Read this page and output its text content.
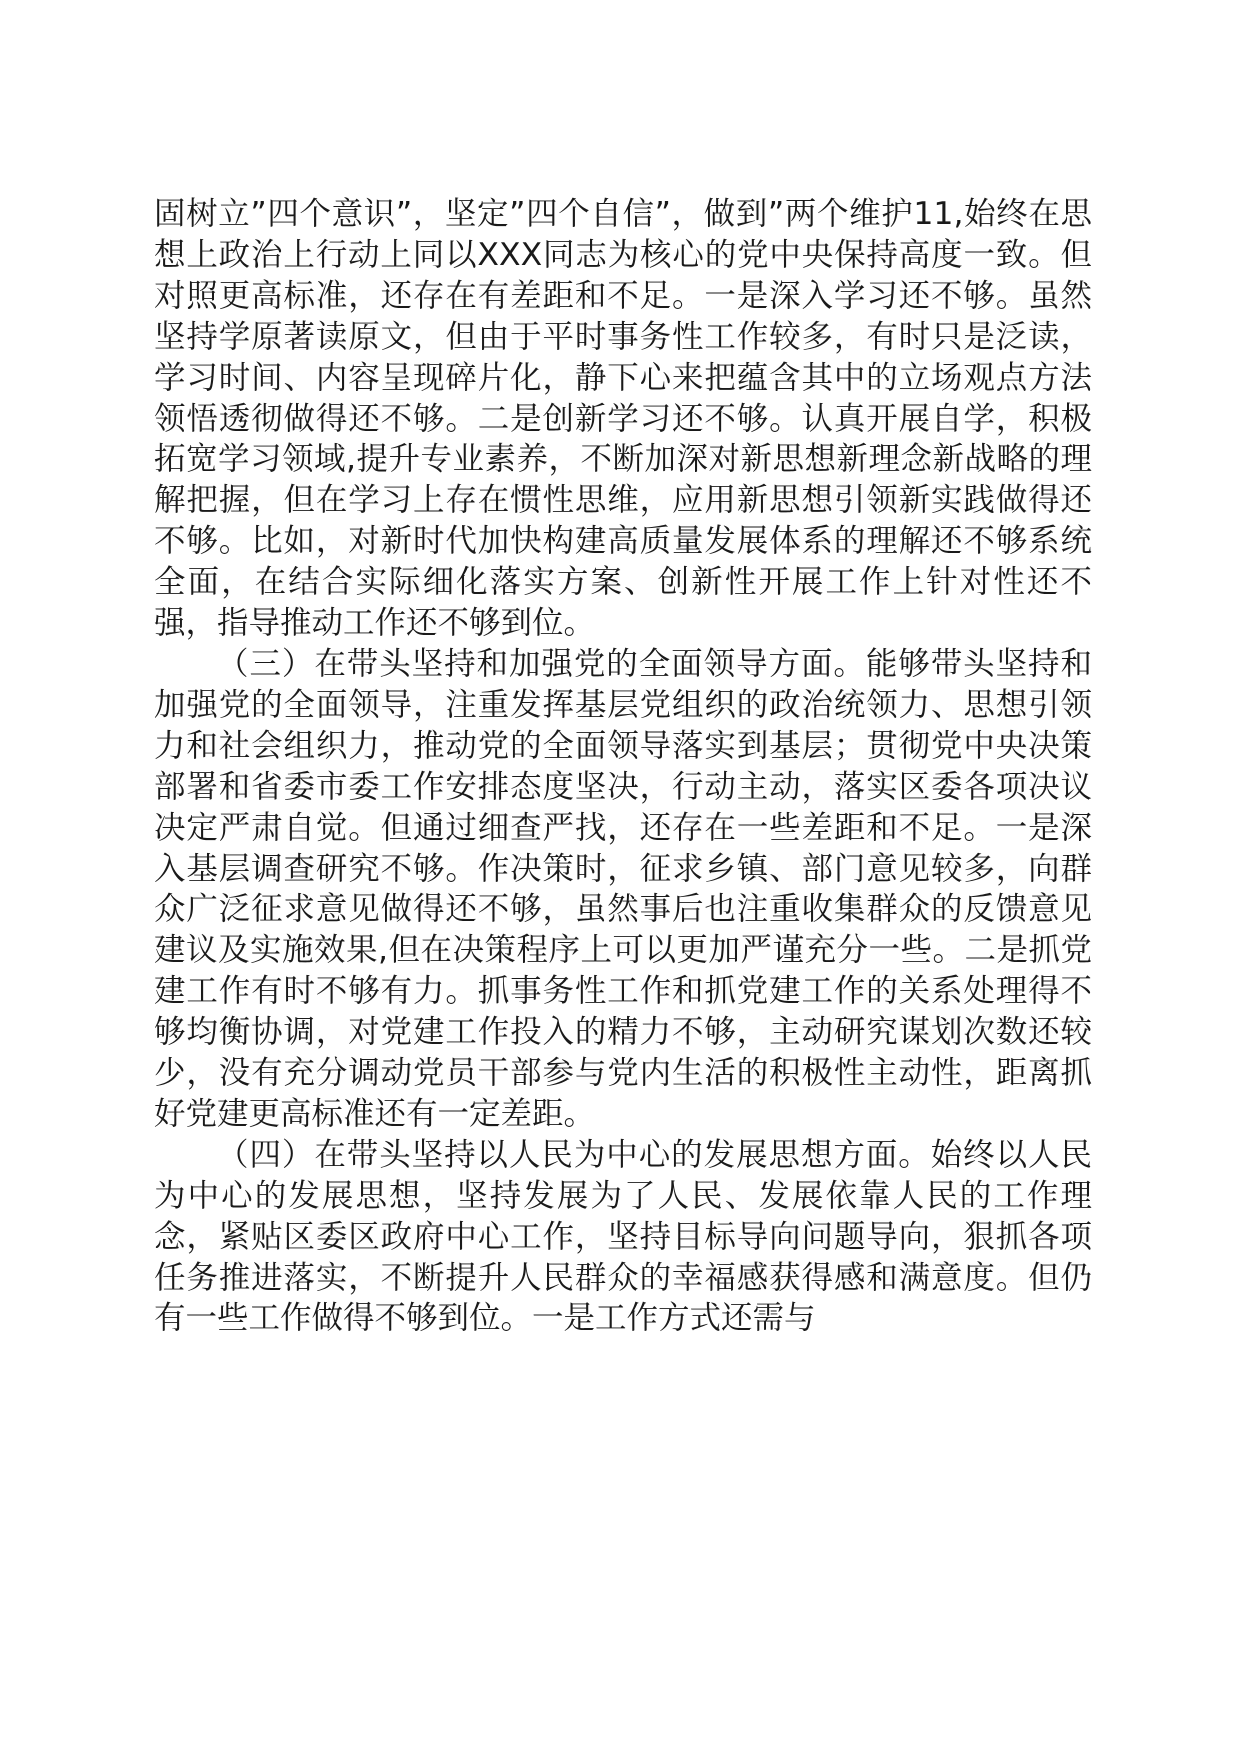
固树立”四个意识”，坚定”四个自信”，做到”两个维护11,始终在思想上政治上行动上同以XXX同志为核心的党中央保持高度一致。但对照更高标准，还存在有差距和不足。一是深入学习还不够。虽然坚持学原著读原文，但由于平时事务性工作较多，有时只是泛读，学习时间、内容呈现碎片化，静下心来把蕴含其中的立场观点方法领悟透彻做得还不够。二是创新学习还不够。认真开展自学，积极拓宽学习领域,提升专业素养，不断加深对新思想新理念新战略的理解把握，但在学习上存在惯性思维，应用新思想引领新实践做得还不够。比如，对新时代加快构建高质量发展体系的理解还不够系统全面，在结合实际细化落实方案、创新性开展工作上针对性还不强，指导推动工作还不够到位。

（三）在带头坚持和加强党的全面领导方面。能够带头坚持和加强党的全面领导，注重发挥基层党组织的政治统领力、思想引领力和社会组织力，推动党的全面领导落实到基层；贯彻党中央决策部署和省委市委工作安排态度坚决，行动主动，落实区委各项决议决定严肃自觉。但通过细查严找，还存在一些差距和不足。一是深入基层调查研究不够。作决策时，征求乡镇、部门意见较多，向群众广泛征求意见做得还不够，虽然事后也注重收集群众的反馈意见建议及实施效果,但在决策程序上可以更加严谨充分一些。二是抓党建工作有时不够有力。抓事务性工作和抓党建工作的关系处理得不够均衡协调，对党建工作投入的精力不够，主动研究谋划次数还较少，没有充分调动党员干部参与党内生活的积极性主动性，距离抓好党建更高标准还有一定差距。

（四）在带头坚持以人民为中心的发展思想方面。始终以人民为中心的发展思想，坚持发展为了人民、发展依靠人民的工作理念，紧贴区委区政府中心工作，坚持目标导向问题导向，狠抓各项任务推进落实，不断提升人民群众的幸福感获得感和满意度。但仍有一些工作做得不够到位。一是工作方式还需与
